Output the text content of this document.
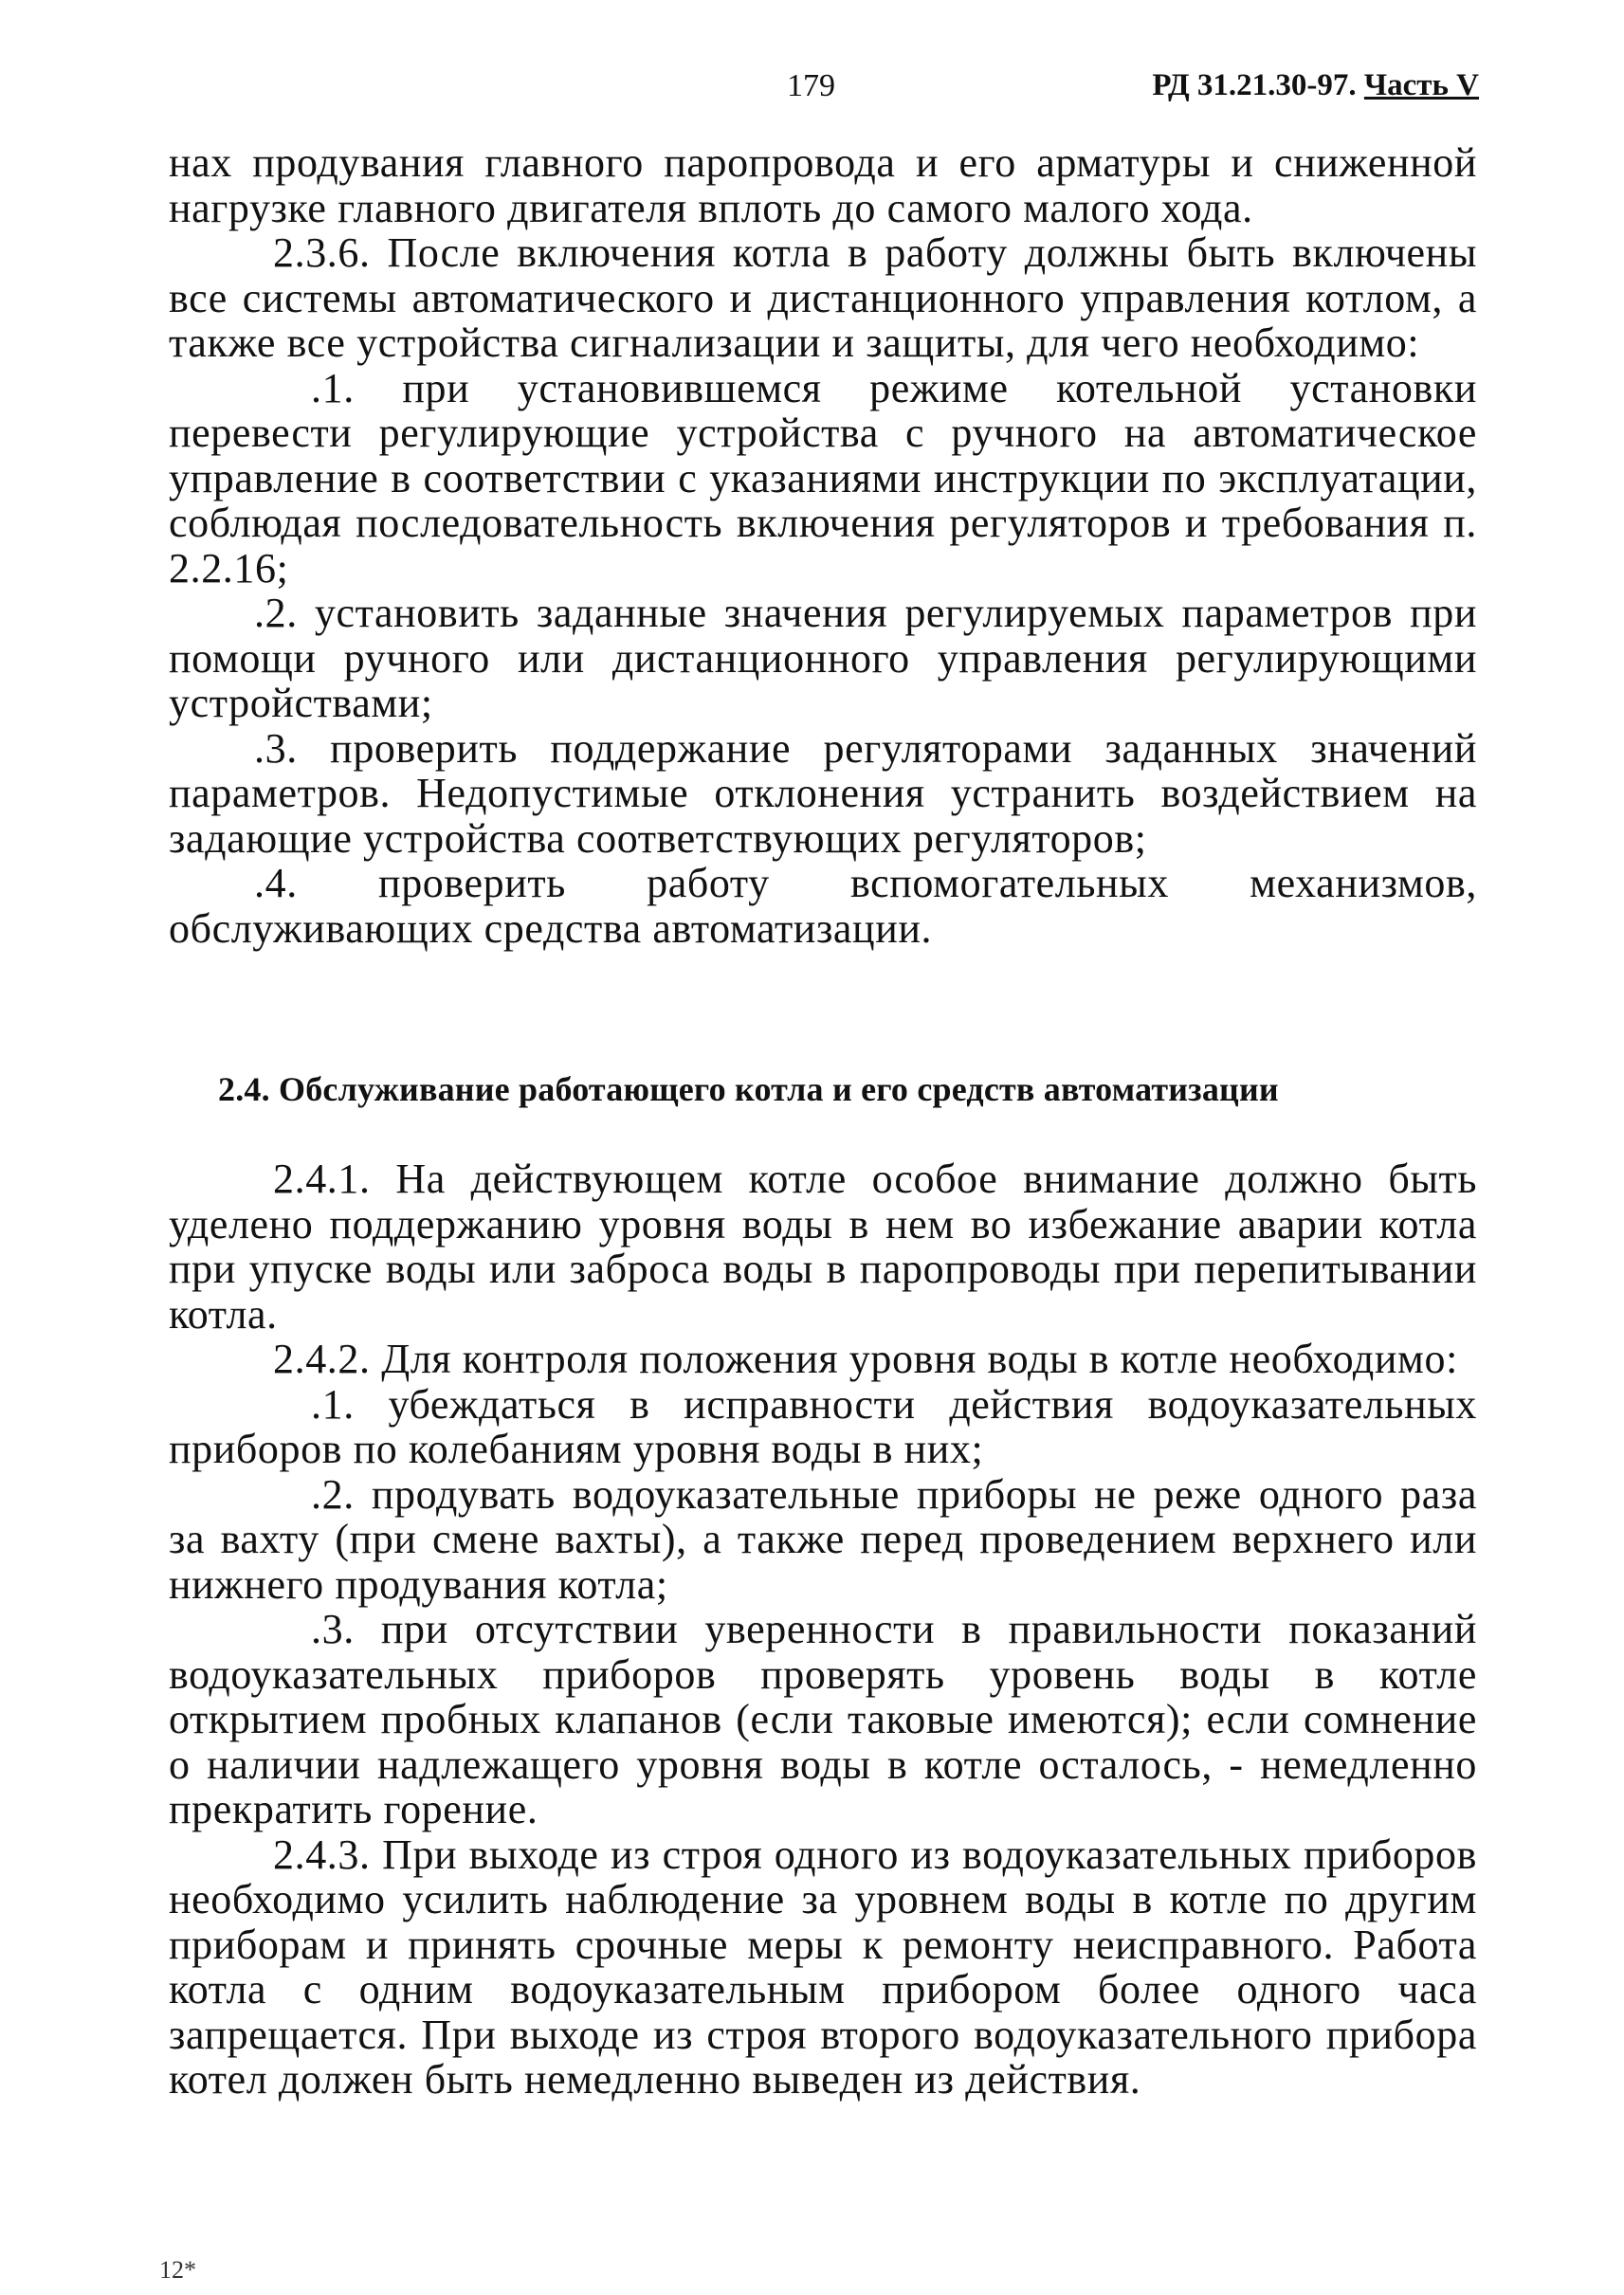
179	РД 31.21.30-97. Часть V

нах продувания главного паропровода и его арматуры и сниженной нагрузке главного двигателя вплоть до самого малого хода.

2.3.6. После включения котла в работу должны быть включены все системы автоматического и дистанционного управления котлом, а также все устройства сигнализации и защиты, для чего необходимо:

.1. при установившемся режиме котельной установки перевести регулирующие устройства с ручного на автоматическое управление в соответствии с указаниями инструкции по эксплуатации, соблюдая последовательность включения регуляторов и требования п. 2.2.16;

.2. установить заданные значения регулируемых параметров при помощи ручного или дистанционного управления регулирующими устройствами;

.3. проверить поддержание регуляторами заданных значений параметров. Недопустимые отклонения устранить воздействием на задающие устройства соответствующих регуляторов;

.4. проверить работу вспомогательных механизмов, обслуживающих средства автоматизации.

2.4. Обслуживание работающего котла и его средств автоматизации

2.4.1. На действующем котле особое внимание должно быть уделено поддержанию уровня воды в нем во избежание аварии котла при упуске воды или заброса воды в паропроводы при перепитывании котла.

2.4.2. Для контроля положения уровня воды в котле необходимо:

.1. убеждаться в исправности действия водоуказательных приборов по колебаниям уровня воды в них;

.2. продувать водоуказательные приборы не реже одного раза за вахту (при смене вахты), а также перед проведением верхнего или нижнего продувания котла;

.3. при отсутствии уверенности в правильности показаний водоуказательных приборов проверять уровень воды в котле открытием пробных клапанов (если таковые имеются); если сомнение о наличии надлежащего уровня воды в котле осталось, - немедленно прекратить горение.

2.4.3. При выходе из строя одного из водоуказательных приборов необходимо усилить наблюдение за уровнем воды в котле по другим приборам и принять срочные меры к ремонту неисправного. Работа котла с одним водоуказательным прибором более одного часа запрещается. При выходе из строя второго водоуказательного прибора котел должен быть немедленно выведен из действия.

12*
